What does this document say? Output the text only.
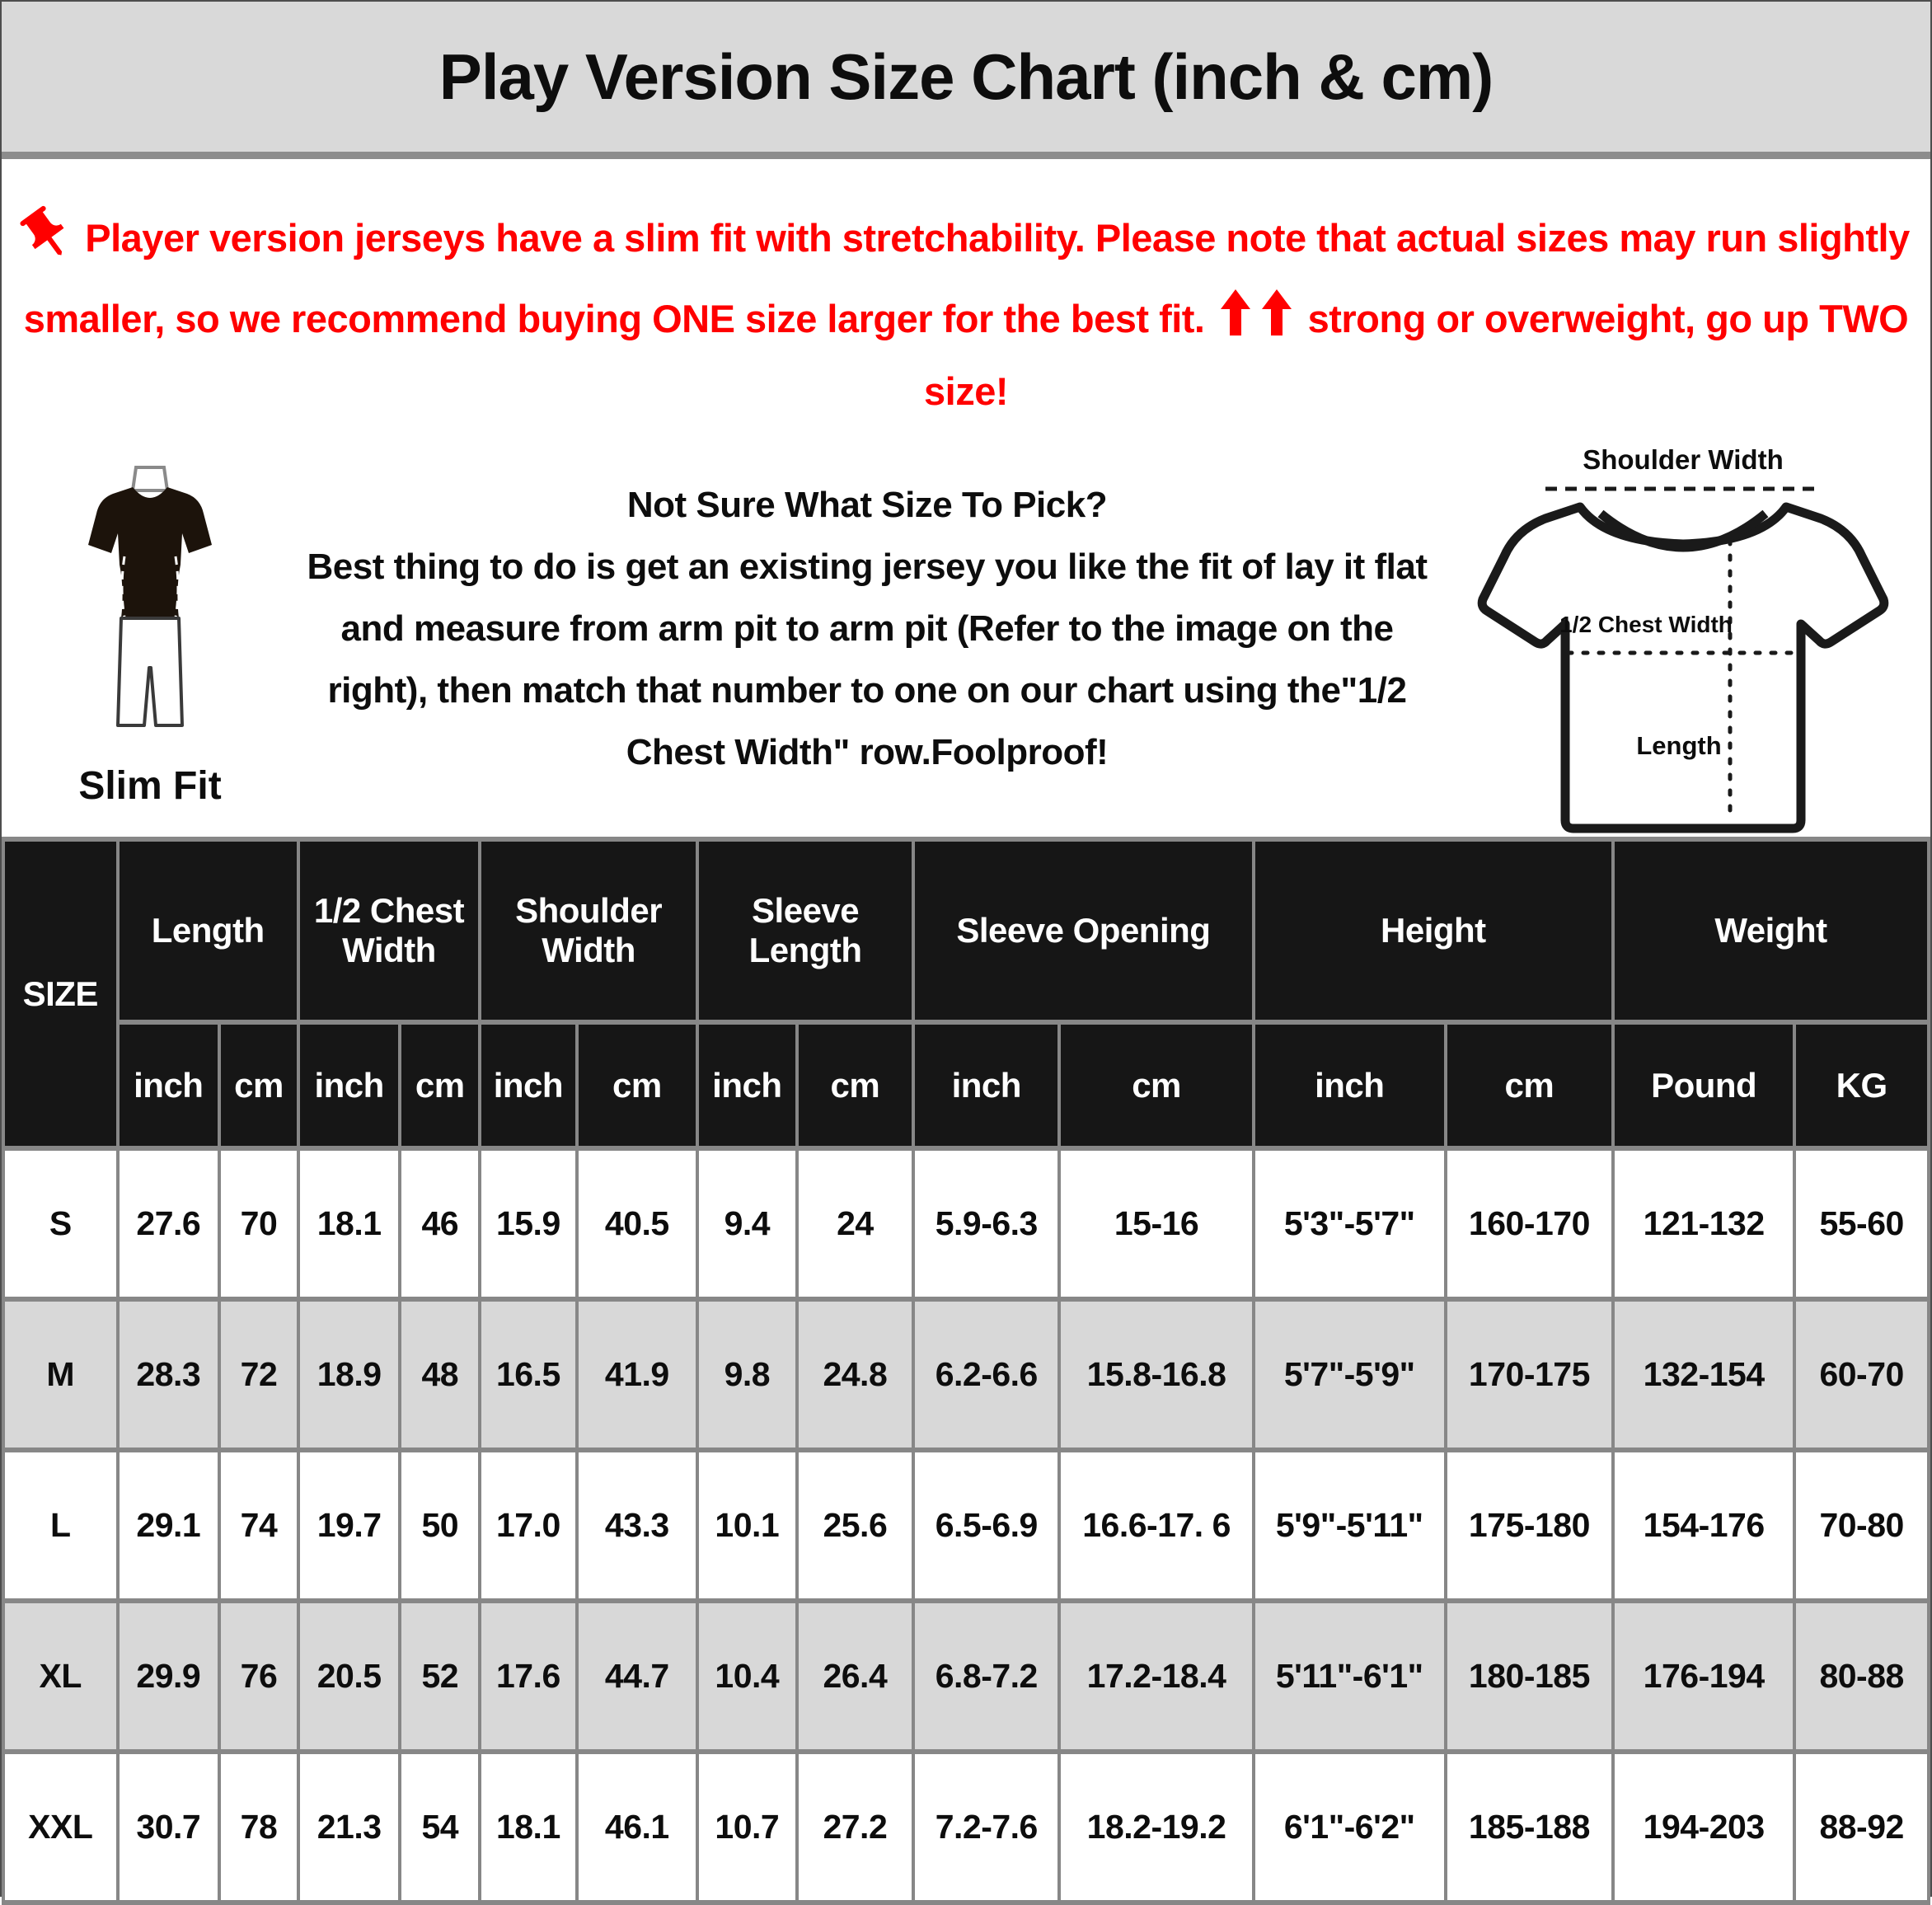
Play Version Size Chart (inch & cm)
Player version jerseys have a slim fit with stretchability. Please note that actual sizes may run slightly smaller, so we recommend buying ONE size larger for the best fit.  strong or overweight, go up TWO size!
Slim Fit
Not Sure What Size To Pick?
Best thing to do is get an existing jersey you like the fit of lay it flat and measure from arm pit to arm pit (Refer to the image on the right), then match that number to one on our chart using the"1/2 Chest Width" row.Foolproof!
Shoulder Width
1/2 Chest Width
Length
SIZE	Length		1/2 Chest Width		Shoulder Width		Sleeve Length		Sleeve Opening		Height		Weight	
	inch	cm	inch	cm	inch	cm	inch	cm	inch	cm	inch	cm	Pound	KG
S	27.6	70	18.1	46	15.9	40.5	9.4	24	5.9-6.3	15-16	5'3"-5'7"	160-170	121-132	55-60
M	28.3	72	18.9	48	16.5	41.9	9.8	24.8	6.2-6.6	15.8-16.8	5'7"-5'9"	170-175	132-154	60-70
L	29.1	74	19.7	50	17.0	43.3	10.1	25.6	6.5-6.9	16.6-17. 6	5'9"-5'11"	175-180	154-176	70-80
XL	29.9	76	20.5	52	17.6	44.7	10.4	26.4	6.8-7.2	17.2-18.4	5'11"-6'1"	180-185	176-194	80-88
XXL	30.7	78	21.3	54	18.1	46.1	10.7	27.2	7.2-7.6	18.2-19.2	6'1"-6'2"	185-188	194-203	88-92
